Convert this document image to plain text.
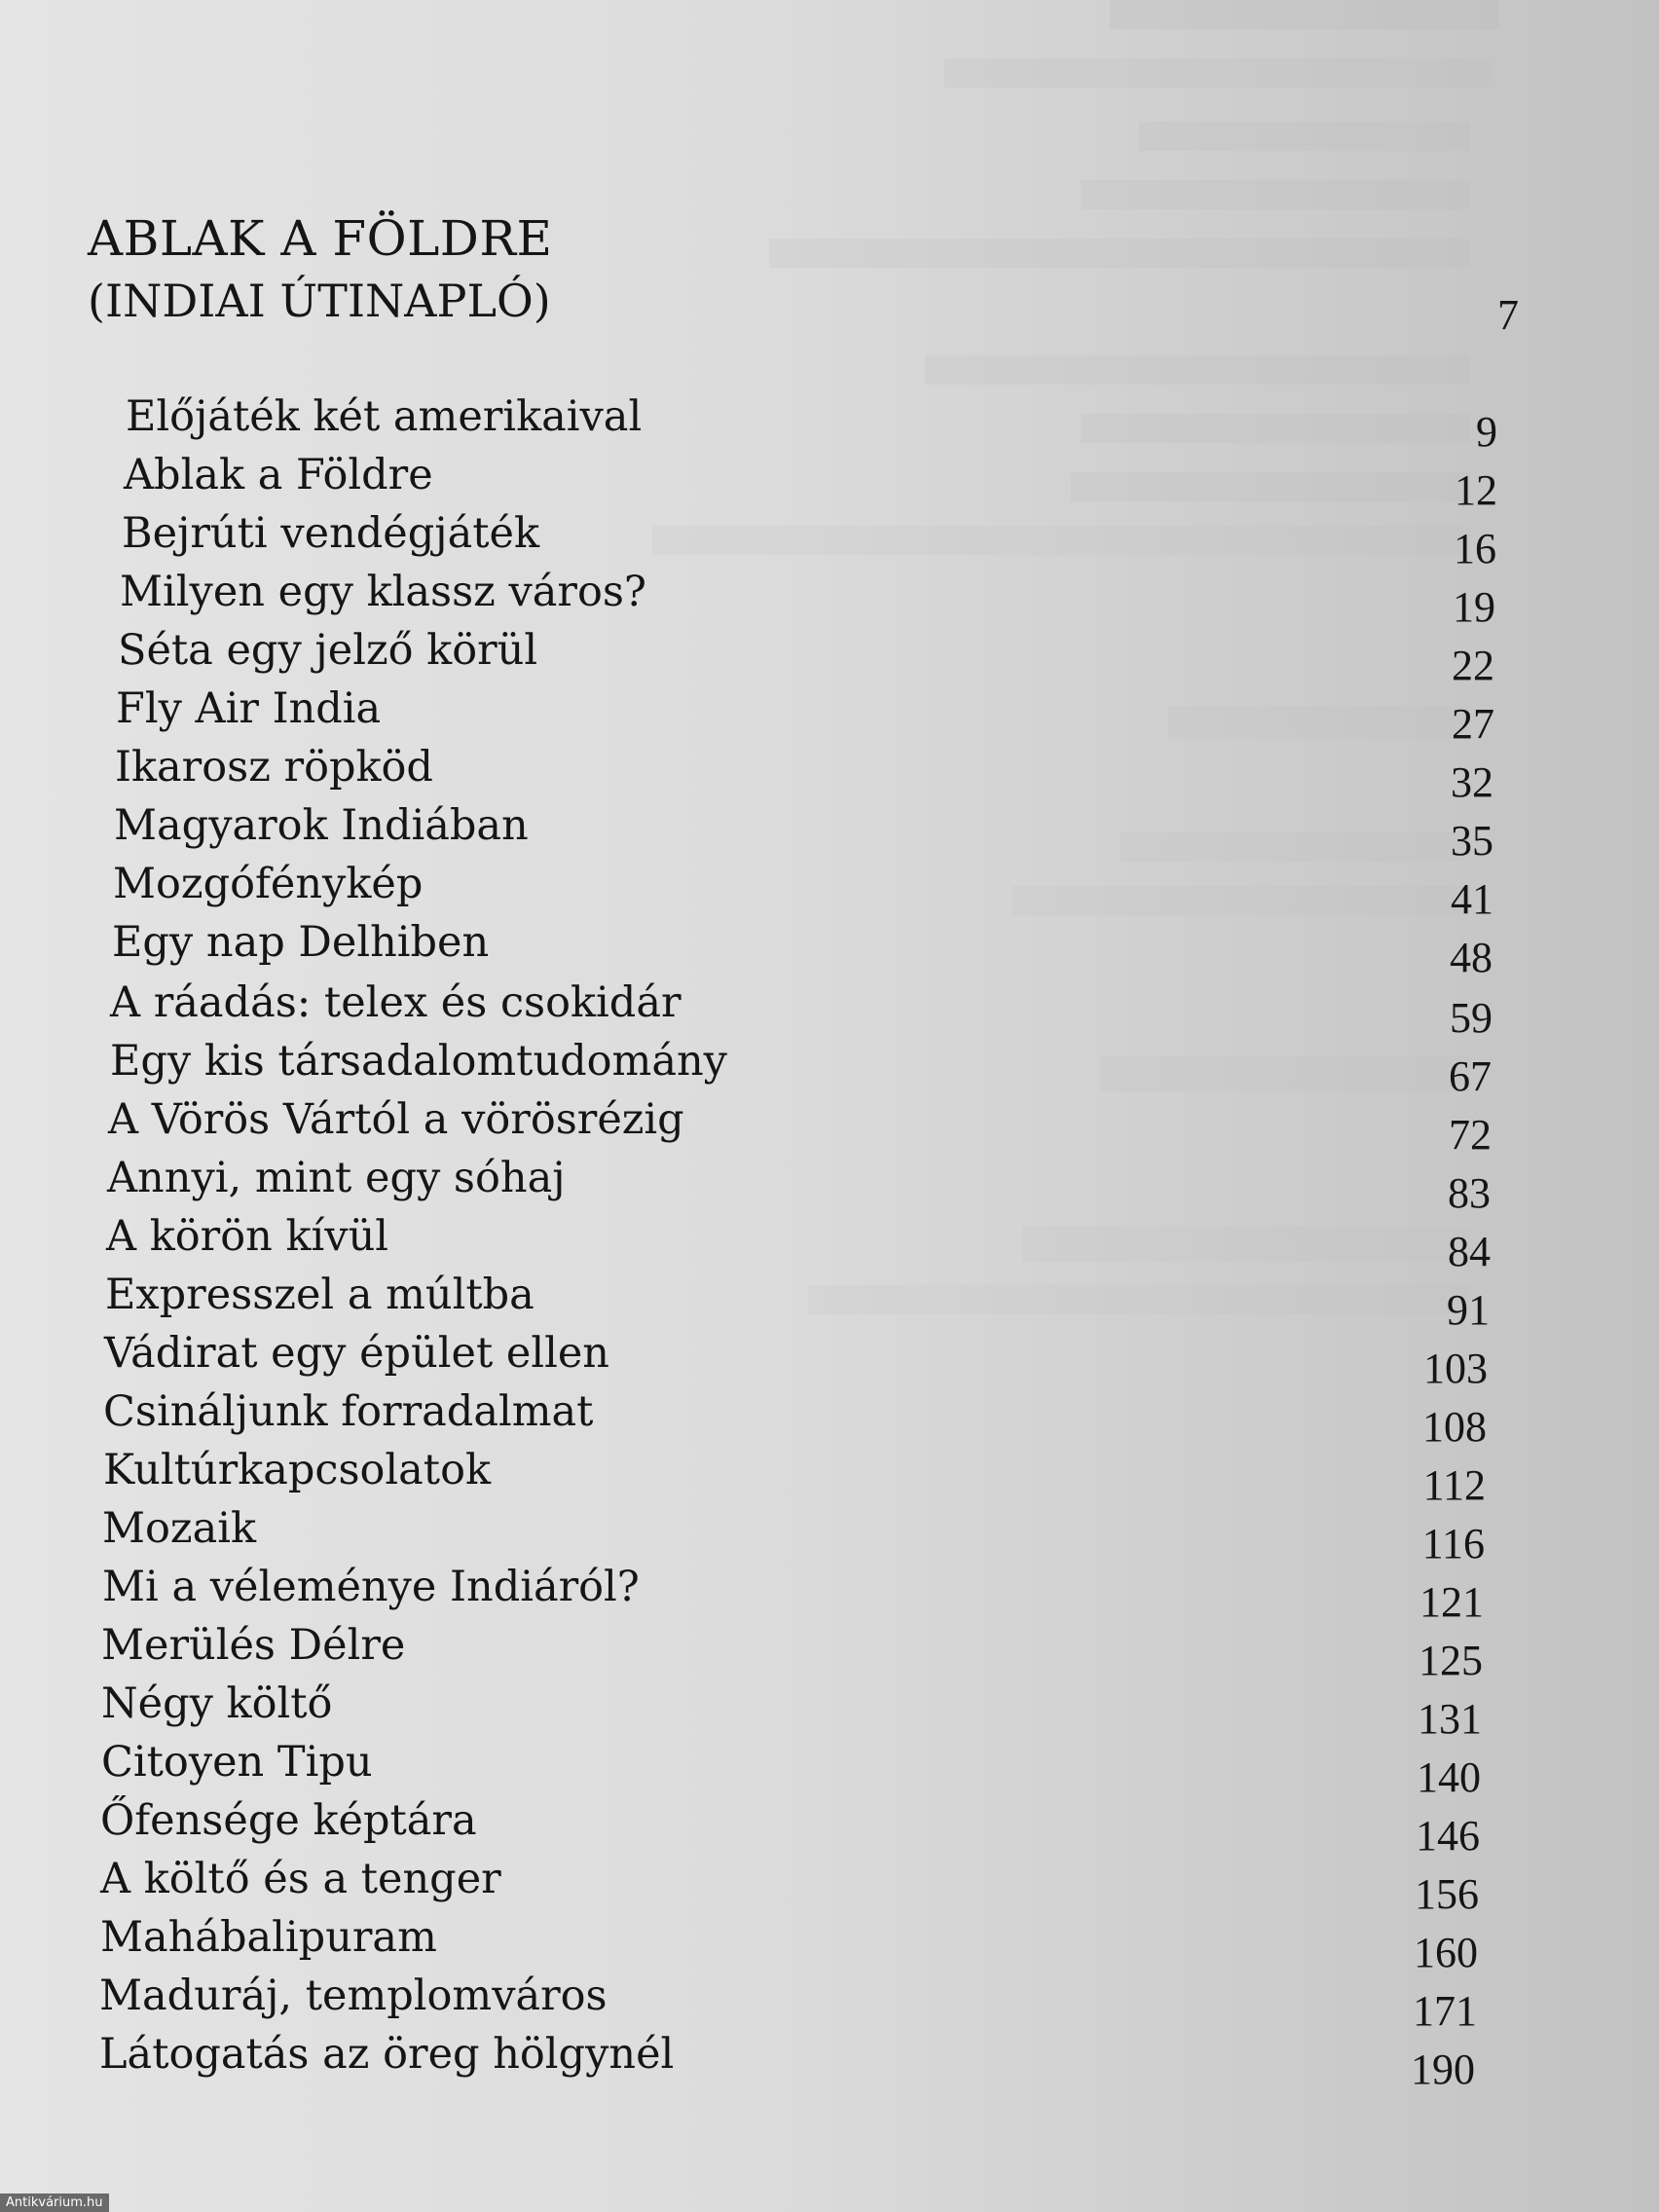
ABLAK A FÖLDRE
(INDIAI ÚTINAPLÓ)	7
Előjáték két amerikaival	9
Ablak a Földre	12
Bejrúti vendégjáték	16
Milyen egy klassz város?	19
Séta egy jelző körül	22
Fly Air India	27
Ikarosz röpköd	32
Magyarok Indiában	35
Mozgófénykép	41
Egy nap Delhiben	48
A ráadás: telex és csokidár	59
Egy kis társadalomtudomány	67
A Vörös Vártól a vörösrézig	72
Annyi, mint egy sóhaj	83
A körön kívül	84
Expresszel a múltba	91
Vádirat egy épület ellen	103
Csináljunk forradalmat	108
Kultúrkapcsolatok	112
Mozaik	116
Mi a véleménye Indiáról?	121
Merülés Délre	125
Négy költő	131
Citoyen Tipu	140
Őfensége képtára	146
A költő és a tenger	156
Mahábalipuram	160
Maduráj, templomváros	171
Látogatás az öreg hölgynél	190
Antikvárium.hu
